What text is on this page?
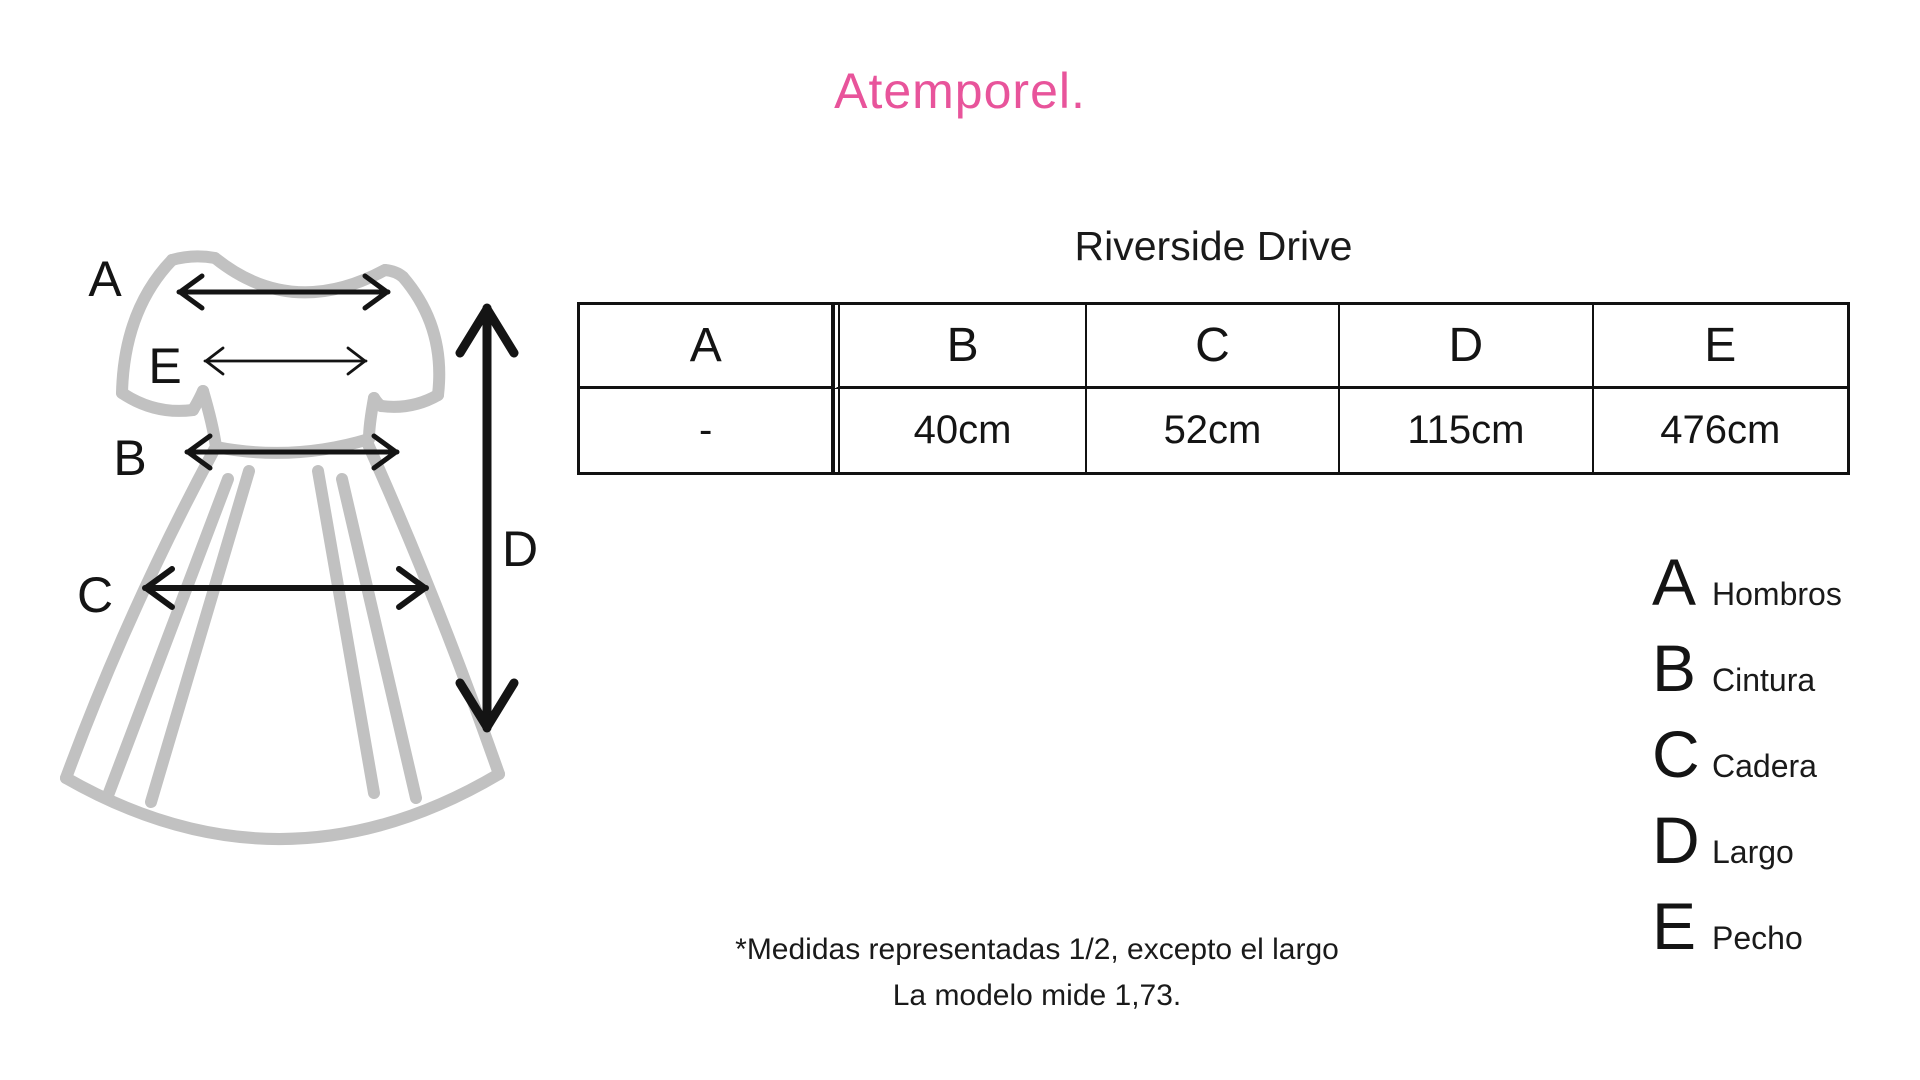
Atemporel.
A
E
B
C
D
Riverside Drive
A	B	C	D	E
-	40cm	52cm	115cm	476cm
A Hombros
B Cintura
C Cadera
D Largo
E Pecho
*Medidas representadas 1/2, excepto el largo
La modelo mide 1,73.
